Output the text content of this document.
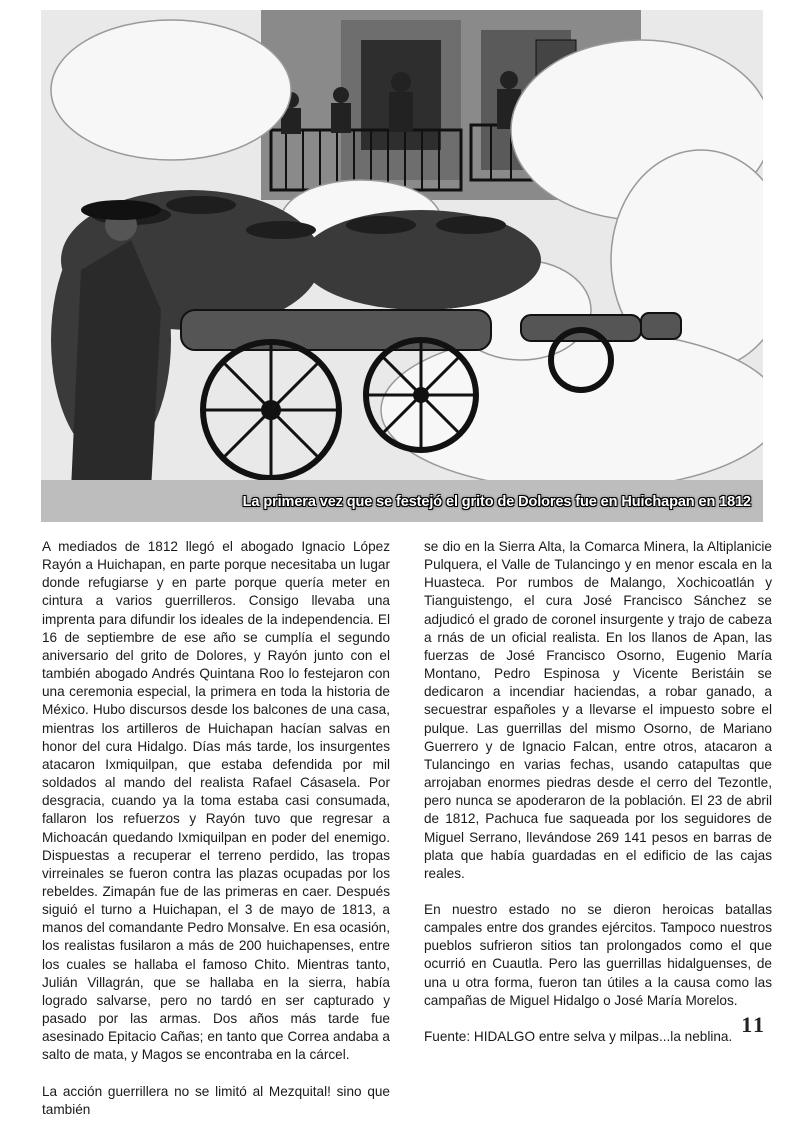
La primera vez que se festejó el grito de Dolores fue en Huichapan en 1812

A mediados de 1812 llegó el abogado Ignacio López Rayón a Huichapan, en parte porque necesitaba un lugar donde refugiarse y en parte porque quería meter en cintura a varios guerrilleros. Consigo llevaba una imprenta para difundir los ideales de la independencia. El 16 de septiembre de ese año se cumplía el segundo aniversario del grito de Dolores, y Rayón junto con el también abogado Andrés Quintana Roo lo festejaron con una ceremonia especial, la primera en toda la historia de México. Hubo discursos desde los balcones de una casa, mientras los artilleros de Huichapan hacían salvas en honor del cura Hidalgo. Días más tarde, los insurgentes atacaron Ixmiquilpan, que estaba defendida por mil soldados al mando del realista Rafael Cásasela. Por desgracia, cuando ya la toma estaba casi consumada, fallaron los refuerzos y Rayón tuvo que regresar a Michoacán quedando Ixmiquilpan en poder del enemigo. Dispuestas a recuperar el terreno perdido, las tropas virreinales se fueron contra las plazas ocupadas por los rebeldes. Zimapán fue de las primeras en caer. Después siguió el turno a Huichapan, el 3 de mayo de 1813, a manos del comandante Pedro Monsalve. En esa ocasión, los realistas fusilaron a más de 200 huichapenses, entre los cuales se hallaba el famoso Chito. Mientras tanto, Julián Villagrán, que se hallaba en la sierra, había logrado salvarse, pero no tardó en ser capturado y pasado por las armas. Dos años más tarde fue asesinado Epitacio Cañas; en tanto que Correa andaba a salto de mata, y Magos se encontraba en la cárcel.

La acción guerrillera no se limitó al Mezquital! sino que también

se dio en la Sierra Alta, la Comarca Minera, la Altiplanicie Pulquera, el Valle de Tulancingo y en menor escala en la Huasteca. Por rumbos de Malango, Xochicoatlán y Tianguistengo, el cura José Francisco Sánchez se adjudicó el grado de coronel insurgente y trajo de cabeza a rnás de un oficial realista. En los llanos de Apan, las fuerzas de José Francisco Osorno, Eugenio María Montano, Pedro Espinosa y Vicente Beristáin se dedicaron a incendiar haciendas, a robar ganado, a secuestrar españoles y a llevarse el impuesto sobre el pulque. Las guerrillas del mismo Osorno, de Mariano Guerrero y de Ignacio Falcan, entre otros, atacaron a Tulancingo en varias fechas, usando catapultas que arrojaban enormes piedras desde el cerro del Tezontle, pero nunca se apoderaron de la población. El 23 de abril de 1812, Pachuca fue saqueada por los seguidores de Miguel Serrano, llevándose 269 141 pesos en barras de plata que había guardadas en el edificio de las cajas reales.

En nuestro estado no se dieron heroicas batallas campales entre dos grandes ejércitos. Tampoco nuestros pueblos sufrieron sitios tan prolongados como el que ocurrió en Cuautla. Pero las guerrillas hidalguenses, de una u otra forma, fueron tan útiles a la causa como las campañas de Miguel Hidalgo o José María Morelos.

Fuente: HIDALGO entre selva y milpas...la neblina. 11
